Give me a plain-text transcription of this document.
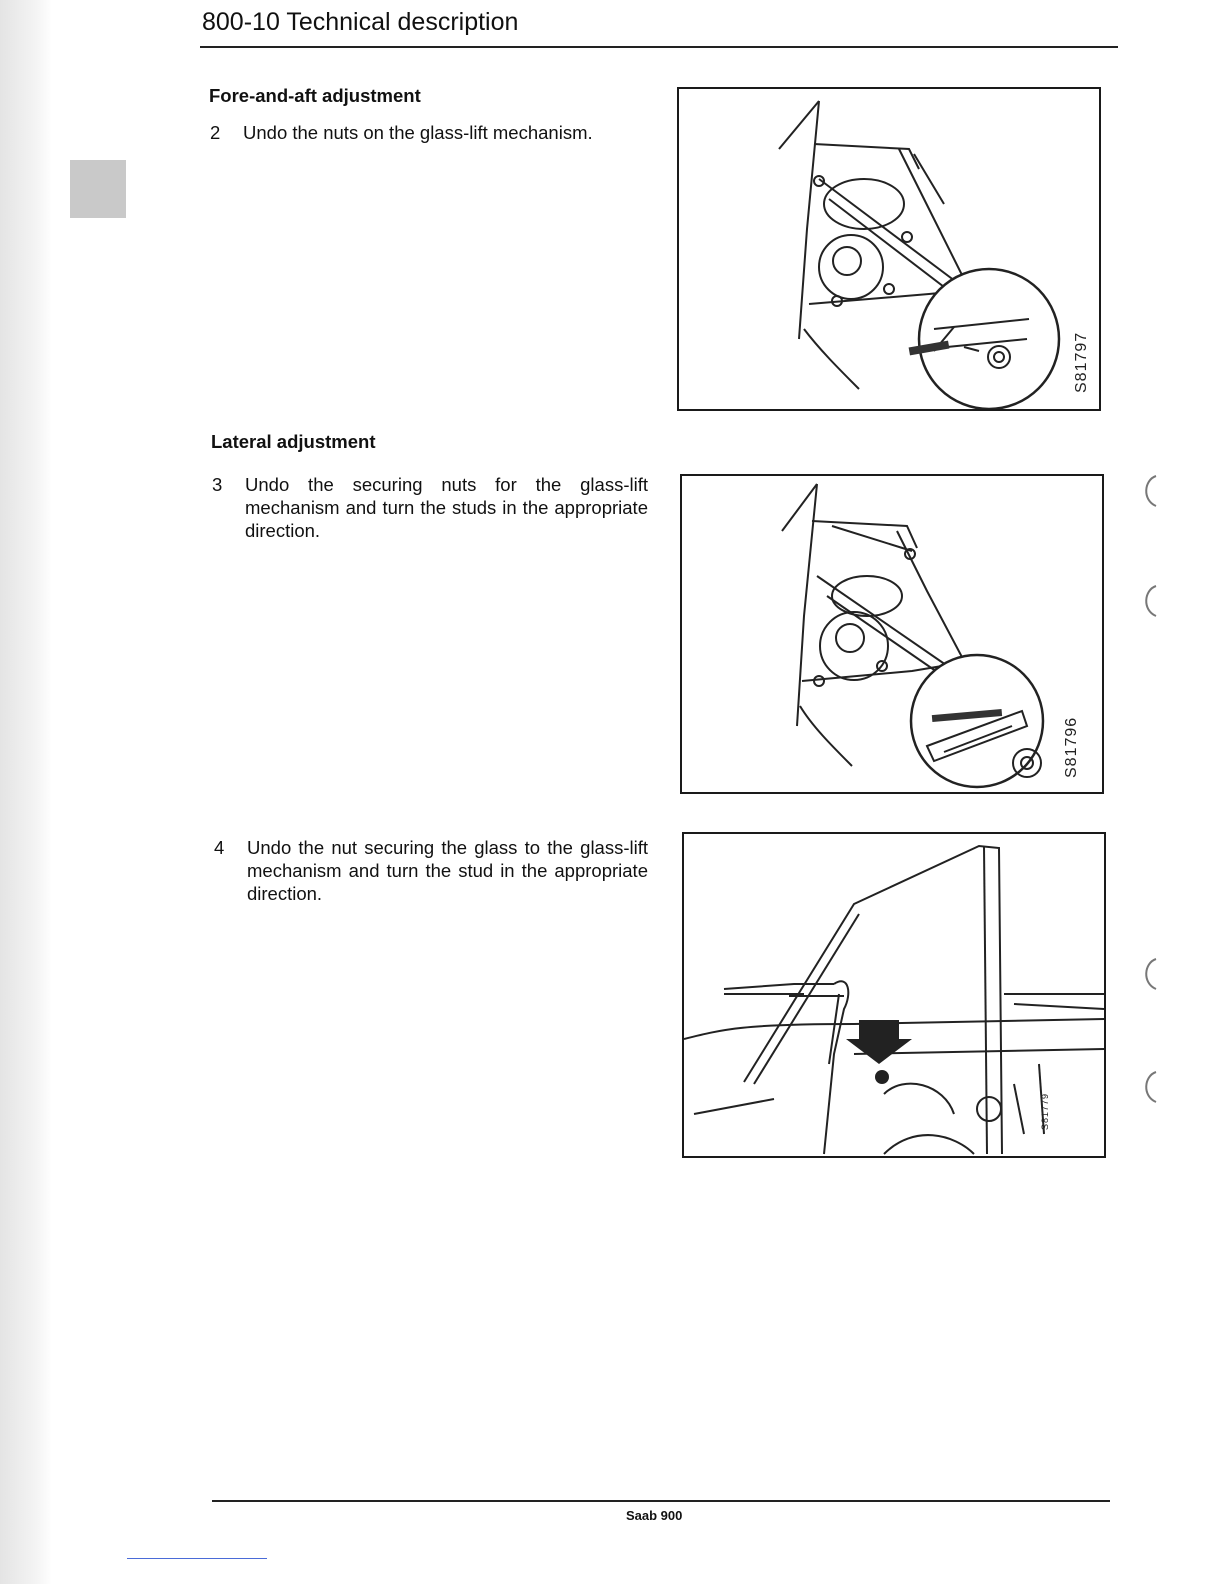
800-10 Technical description
Fore-and-aft adjustment
2	Undo the nuts on the glass-lift mechanism.
Lateral adjustment
3	Undo the securing nuts for the glass-lift mechanism and turn the studs in the appropriate direction.
4	Undo the nut securing the glass to the glass-lift mechanism and turn the stud in the appropriate direction.
S81797
S81796
S81779
Saab 900
